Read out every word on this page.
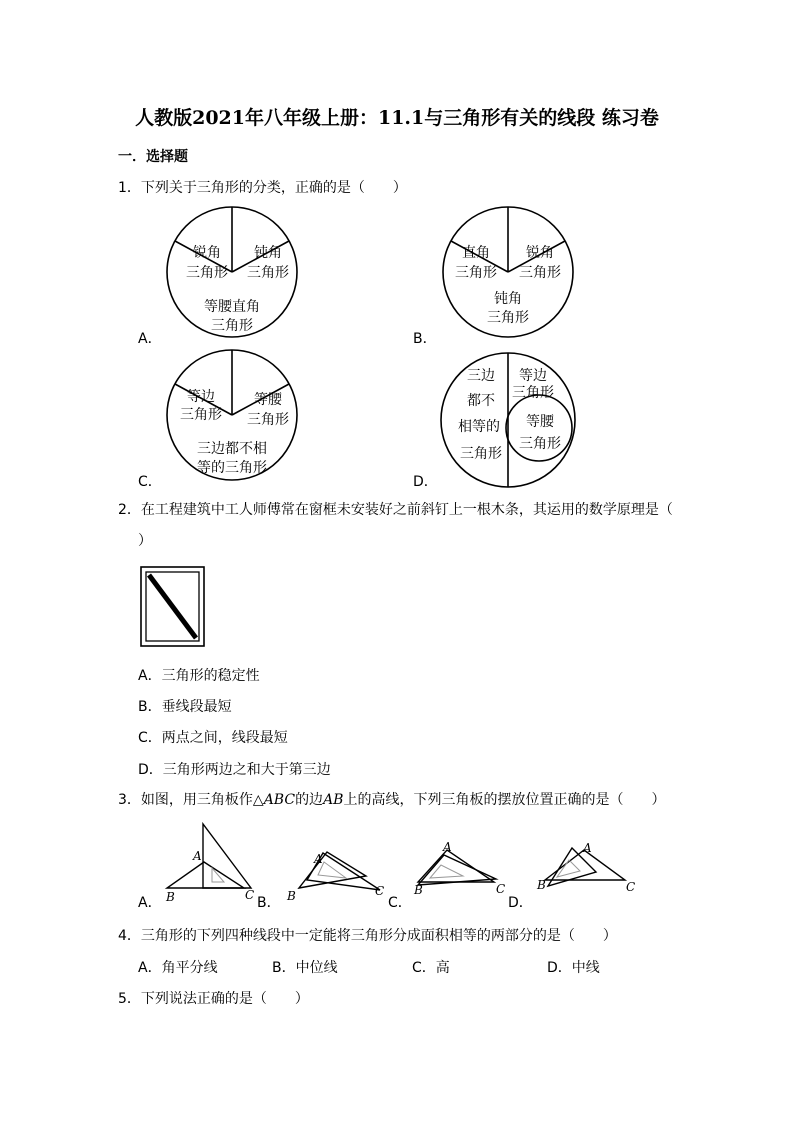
人教版2021年八年级上册：11.1与三角形有关的线段 练习卷
一．选择题
1．下列关于三角形的分类，正确的是（　　）
锐角
三角形
钝角
三角形
等腰直角
三角形
直角
三角形
锐角
三角形
钝角
三角形
等边
三角形
等腰
三角形
三边都不相
等的三角形
三边
都不
相等的
三角形
等边
三角形
等腰
三角形
A．	B．
C．	D．
2．在工程建筑中工人师傅常在窗框未安装好之前斜钉上一根木条，其运用的数学原理是（
）
A．三角形的稳定性
B．垂线段最短
C．两点之间，线段最短
D．三角形两边之和大于第三边
3．如图，用三角板作△ABC的边AB上的高线，下列三角板的摆放位置正确的是（　　）
A
B	C
A
B	C
A
B	C
A
B	C
A．	B．	C．	D．
4．三角形的下列四种线段中一定能将三角形分成面积相等的两部分的是（　　）
A．角平分线	B．中位线	C．高	D．中线
5．下列说法正确的是（　　）
